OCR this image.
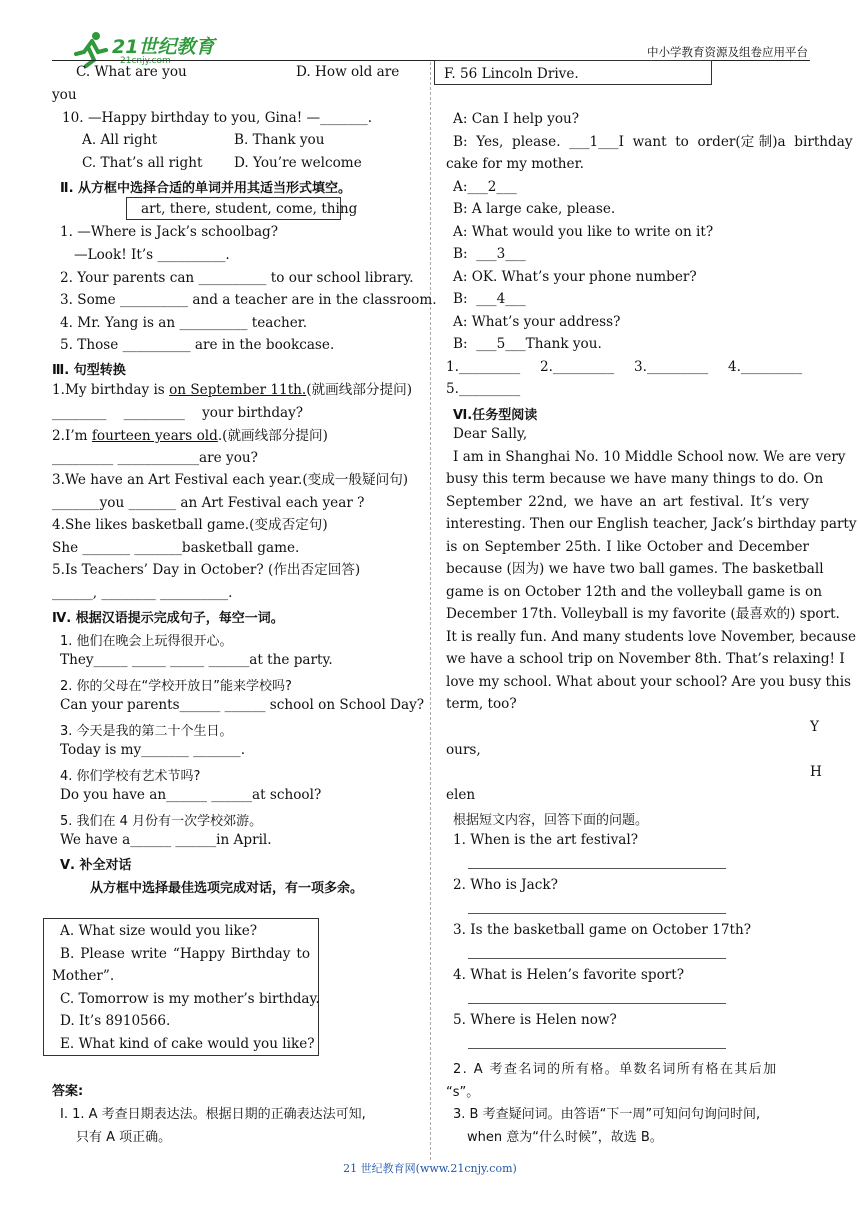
21世纪教育
21cnjy.com
中小学教育资源及组卷应用平台
C. What are you	D. How old are
you
10. —Happy birthday to you, Gina! —_______.
A. All right	B. Thank you
C. That’s all right D. You’re welcome
Ⅱ. 从方框中选择合适的单词并用其适当形式填空。
art, there, student, come, thing
1. —Where is Jack’s schoolbag?
—Look! It’s __________.
2. Your parents can __________ to our school library.
3. Some __________ and a teacher are in the classroom.
4. Mr. Yang is an __________ teacher.
5. Those __________ are in the bookcase.
Ⅲ. 句型转换
1.My birthday is on September 11th.(就画线部分提问)
________    _________    your birthday?
2.I’m fourteen years old.(就画线部分提问)
_________ ____________are you?
3.We have an Art Festival each year.(变成一般疑问句)
_______you _______ an Art Festival each year ?
4.She likes basketball game.(变成否定句)
She _______ _______basketball game.
5.Is Teachers’ Day in October? (作出否定回答)
______, ________ __________.
Ⅳ. 根据汉语提示完成句子，每空一词。
1. 他们在晚会上玩得很开心。
They_____ _____ _____ ______at the party.
2. 你的父母在“学校开放日”能来学校吗?
Can your parents______ ______ school on School Day?
3. 今天是我的第二十个生日。
Today is my_______ _______.
4. 你们学校有艺术节吗?
Do you have an______ ______at school?
5. 我们在 4 月份有一次学校郊游。
We have a______ ______in April.
Ⅴ. 补全对话
从方框中选择最佳选项完成对话，有一项多余。
A. What size would you like?
B. Please write “Happy Birthday to
Mother”.
C. Tomorrow is my mother’s birthday.
D. It’s 8910566.
E. What kind of cake would you like?
答案:
Ⅰ. 1. A 考查日期表达法。根据日期的正确表达法可知,
只有 A 项正确。
F. 56 Lincoln Drive.
A: Can I help you?
B:  Yes,  please.  ___1___I  want  to  order(定 制)a  birthday
cake for my mother.
A:___2___
B: A large cake, please.
A: What would you like to write on it?
B:  ___3___
A: OK. What’s your phone number?
B:  ___4___
A: What’s your address?
B:  ___5___Thank you.
1._________ 2._________ 3._________ 4._________
5._________
Ⅵ.任务型阅读
Dear Sally,
I am in Shanghai No. 10 Middle School now. We are very
busy this term because we have many things to do. On
September 22nd, we have an art festival. It’s very
interesting. Then our English teacher, Jack’s birthday party
is on September 25th. I like October and December
because (因为) we have two ball games. The basketball
game is on October 12th and the volleyball game is on
December 17th. Volleyball is my favorite (最喜欢的) sport.
It is really fun. And many students love November, because
we have a school trip on November 8th. That’s relaxing! I
love my school. What about your school? Are you busy this
term, too?
Y
ours,
H
elen
根据短文内容，回答下面的问题。
1. When is the art festival?
2. Who is Jack?
3. Is the basketball game on October 17th?
4. What is Helen’s favorite sport?
5. Where is Helen now?
2. A 考查名词的所有格。单数名词所有格在其后加
“s”。
3. B 考查疑问词。由答语“下一周”可知问句询问时间,
when 意为“什么时候”，故选 B。
21 世纪教育网(www.21cnjy.com)
